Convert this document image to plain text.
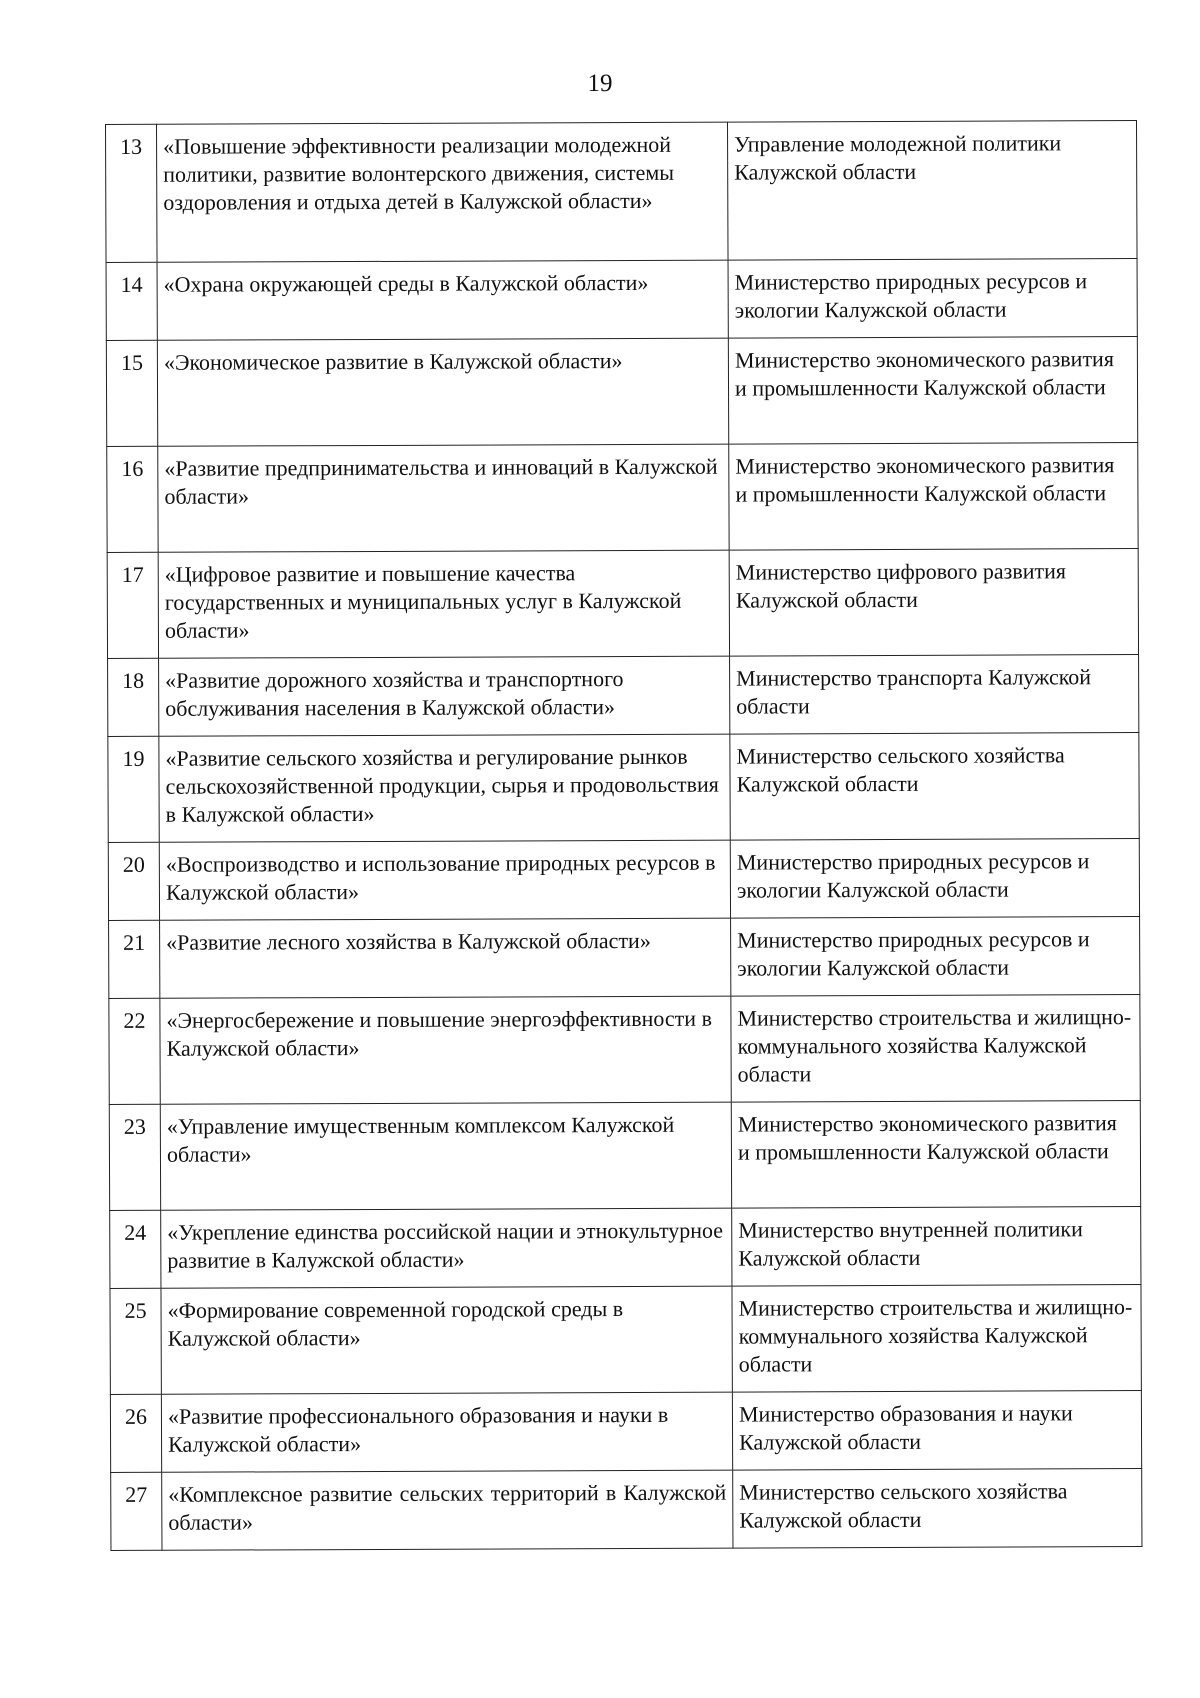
19
13	«Повышение эффективности реализации молодежной политики, развитие волонтерского движения, системы оздоровления и отдыха детей в Калужской области»	Управление молодежной политики Калужской области
14	«Охрана окружающей среды в Калужской области»	Министерство природных ресурсов и экологии Калужской области
15	«Экономическое развитие в Калужской области»	Министерство экономического развития и промышленности Калужской области
16	«Развитие предпринимательства и инноваций в Калужской области»	Министерство экономического развития и промышленности Калужской области
17	«Цифровое развитие и повышение качества государственных и муниципальных услуг в Калужской области»	Министерство цифрового развития Калужской области
18	«Развитие дорожного хозяйства и транспортного обслуживания населения в Калужской области»	Министерство транспорта Калужской области
19	«Развитие сельского хозяйства и регулирование рынков сельскохозяйственной продукции, сырья и продовольствия в Калужской области»	Министерство сельского хозяйства Калужской области
20	«Воспроизводство и использование природных ресурсов в Калужской области»	Министерство природных ресурсов и экологии Калужской области
21	«Развитие лесного хозяйства в Калужской области»	Министерство природных ресурсов и экологии Калужской области
22	«Энергосбережение и повышение энергоэффективности в Калужской области»	Министерство строительства и жилищно-коммунального хозяйства Калужской области
23	«Управление имущественным комплексом Калужской области»	Министерство экономического развития и промышленности Калужской области
24	«Укрепление единства российской нации и этнокультурное развитие в Калужской области»	Министерство внутренней политики Калужской области
25	«Формирование современной городской среды в Калужской области»	Министерство строительства и жилищно-коммунального хозяйства Калужской области
26	«Развитие профессионального образования и науки в Калужской области»	Министерство образования и науки Калужской области
27	«Комплексное развитие сельских территорий в Калужской области»	Министерство сельского хозяйства Калужской области
